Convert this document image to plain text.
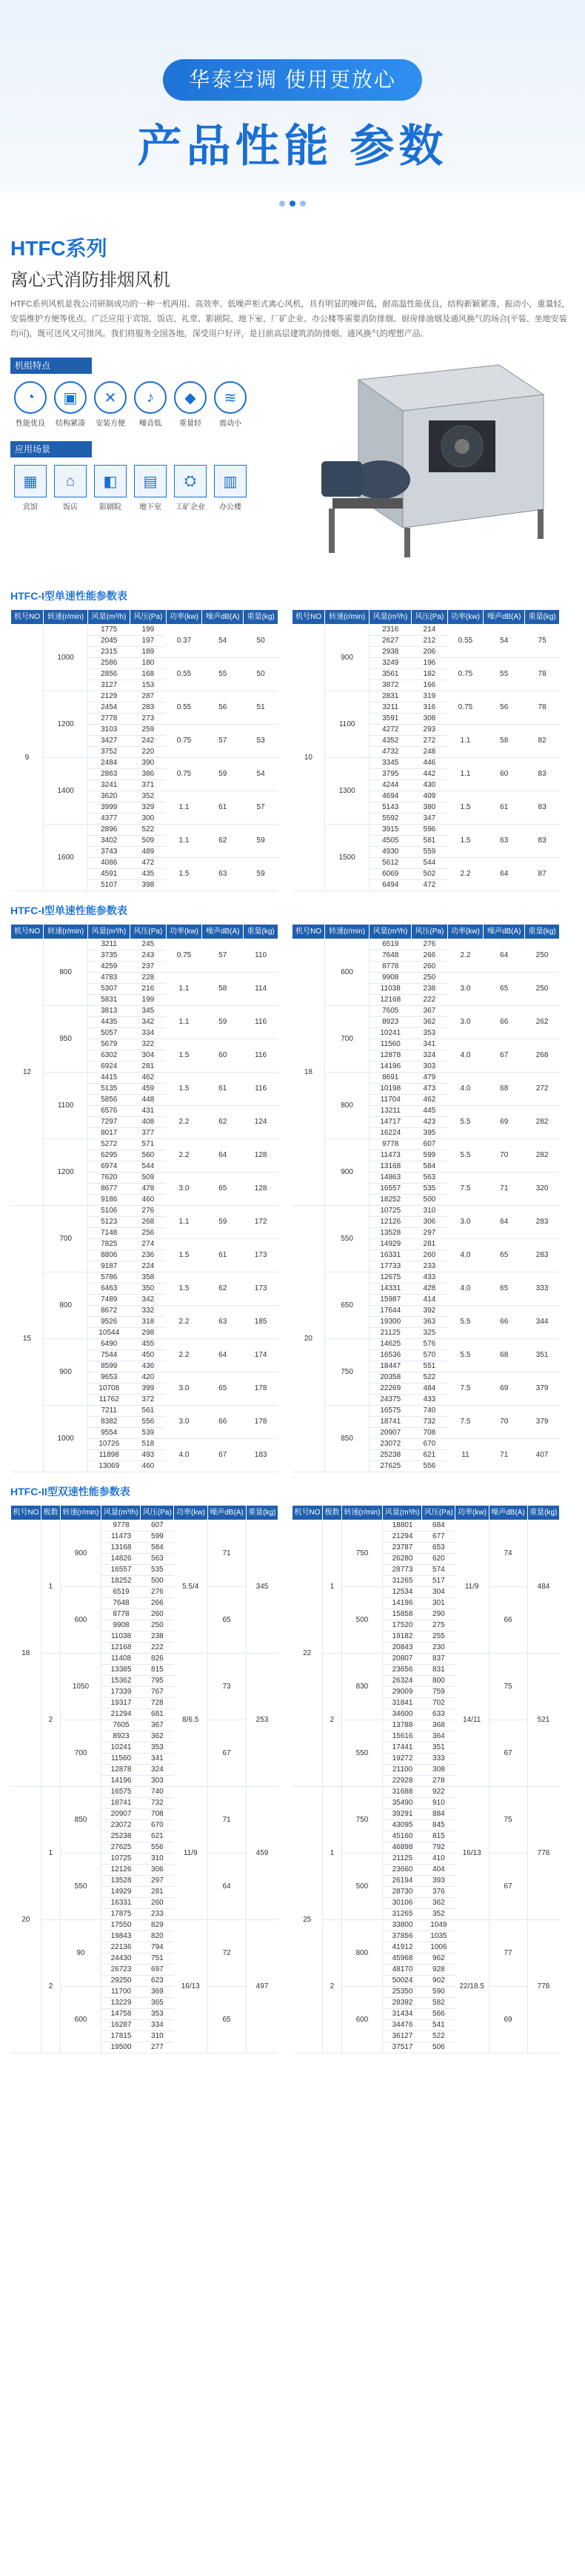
华泰空调 使用更放心
产品性能 参数
HTFC系列
离心式消防排烟风机
HTFC系列风机是我公司研制成功的一种一机两用、高效率、低噪声柜式离心风机，具有明显的噪声低，耐高温性能优良，结构新颖紧凑，振动小，重量轻，安装维护方便等优点。广泛应用于宾馆、饭店、礼堂、影剧院、地下室、厂矿企业、办公楼等需要消防排烟、厨房排油烟及通风换气的场合(平装、坐地安装均可)，既可送风又可排风。我们将服务全国各地，深受用户好评，是目前高层建筑消防排烟、通风换气的理想产品。
机组特点
◔
性能优良
▣
结构紧凑
✕
安装方便
♪
噪音低
◆
重量轻
≋
震动小
应用场景
▦
宾馆
⌂
饭店
◧
影剧院
▤
地下室
⛭
工矿企业
▥
办公楼
HTFC-I型单速性能参数表
机号NO	转速(r/min)	风量(m³/h)	风压(Pa)	功率(kw)	噪声dB(A)	重量(kg)
9	1000	1775	199	0.37	54	50
		2045	197			
		2315	189			
		2586	180	0.55	55	50
		2856	168			
		3127	153			
	1200	2129	287	0.55	56	51
		2454	283			
		2778	273			
		3103	259	0.75	57	53
		3427	242			
		3752	220			
	1400	2484	390	0.75	59	54
		2863	386			
		3241	371			
		3620	352	1.1	61	57
		3999	329			
		4377	300			
	1600	2896	522	1.1	62	59
		3402	509			
		3743	489			
		4086	472	1.5	63	59
		4591	435			
		5107	398			
机号NO	转速(r/min)	风量(m³/h)	风压(Pa)	功率(kw)	噪声dB(A)	重量(kg)
10	900	2316	214	0.55	54	75
		2627	212			
		2938	206			
		3249	196	0.75	55	78
		3561	182			
		3872	166			
	1100	2831	319	0.75	56	78
		3211	316			
		3591	308			
		4272	293	1.1	58	82
		4352	272			
		4732	248			
	1300	3345	446	1.1	60	83
		3795	442			
		4244	430			
		4694	409	1.5	61	83
		5143	380			
		5592	347			
	1500	3915	596	1.5	63	83
		4505	581			
		4930	559			
		5612	544	2.2	64	87
		6069	502			
		6494	472			
HTFC-I型单速性能参数表
机号NO	转速(r/min)	风量(m³/h)	风压(Pa)	功率(kw)	噪声dB(A)	重量(kg)
12	800	3211	245	0.75	57	110
		3735	243			
		4259	237			
		4783	228	1.1	58	114
		5307	216			
		5831	199			
	950	3813	345	1.1	59	116
		4435	342			
		5057	334			
		5679	322	1.5	60	116
		6302	304			
		6924	281			
	1100	4415	462	1.5	61	116
		5135	459			
		5856	448			
		6576	431	2.2	62	124
		7297	408			
		8017	377			
	1200	5272	571	2.2	64	128
		6295	560			
		6974	544			
		7620	509	3.0	65	128
		8677	478			
		9186	460			
15	700	5106	276	1.1	59	172
		5123	268			
		7148	256			
		7825	274	1.5	61	173
		8806	236			
		9187	224			
	800	5786	358	1.5	62	173
		6463	350			
		7489	342			
		8672	332	2.2	63	185
		9526	318			
		10544	298			
	900	6490	455	2.2	64	174
		7544	450			
		8599	436			
		9653	420	3.0	65	178
		10708	399			
		11762	372			
	1000	7211	561	3.0	66	178
		8382	556			
		9554	539			
		10726	518	4.0	67	183
		11898	493			
		13069	460			
机号NO	转速(r/min)	风量(m³/h)	风压(Pa)	功率(kw)	噪声dB(A)	重量(kg)
18	600	6519	276	2.2	64	250
		7648	266			
		8778	260			
		9908	250	3.0	65	250
		11038	238			
		12168	222			
	700	7605	367	3.0	66	262
		8923	362			
		10241	353			
		11560	341	4.0	67	268
		12878	324			
		14196	303			
	800	8691	479	4.0	68	272
		10198	473			
		11704	462			
		13211	445	5.5	69	282
		14717	423			
		16224	395			
	900	9778	607	5.5	70	282
		11473	599			
		13168	584			
		14863	563	7.5	71	320
		16557	535			
		18252	500			
20	550	10725	310	3.0	64	283
		12126	306			
		13528	297			
		14929	281	4.0	65	283
		16331	260			
		17733	233			
	650	12675	433	4.0	65	333
		14331	428			
		15987	414			
		17644	392	5.5	66	344
		19300	363			
		21125	325			
	750	14625	576	5.5	68	351
		16536	570			
		18447	551			
		20358	522	7.5	69	379
		22269	484			
		24375	433			
	850	16575	740	7.5	70	379
		18741	732			
		20907	708			
		23072	670	11	71	407
		25238	621			
		27625	556			
HTFC-II型双速性能参数表
机号NO	极数	转速(r/min)	风量(m³/h)	风压(Pa)	功率(kw)	噪声dB(A)	重量(kg)
18	1	900	9778	607	5.5/4	71	345
			11473	599			
			13168	584			
			14826	563			
			16557	535			
			18252	500			
		600	6519	276		65	
			7648	266			
			8778	260			
			9908	250			
			11038	238			
			12168	222			
	2	1050	11408	826	8/6.5	73	253
			13385	815			
			15362	795			
			17339	767			
			19317	728			
			21294	681			
		700	7605	367		67	
			8923	362			
			10241	353			
			11560	341			
			12878	324			
			14196	303			
20	1	850	16575	740	11/9	71	459
			18741	732			
			20907	708			
			23072	670			
			25238	621			
			27625	556			
		550	10725	310		64	
			12126	306			
			13528	297			
			14929	281			
			16331	260			
			17875	233			
	2	90	17550	829	16/13	72	497
			19843	820			
			22136	794			
			24430	751			
			26723	697			
			29250	623			
		600	11700	369		65	
			13229	365			
			14758	353			
			16287	334			
			17815	310			
			19500	277			
机号NO	极数	转速(r/min)	风量(m³/h)	风压(Pa)	功率(kw)	噪声dB(A)	重量(kg)
22	1	750	18801	684	11/9	74	484
			21294	677			
			23787	653			
			26280	620			
			28773	574			
			31265	517			
		500	12534	304		66	
			14196	301			
			15858	290			
			17520	275			
			19182	255			
			20843	230			
	2	830	20807	837	14/11	75	521
			23656	831			
			26324	800			
			29009	759			
			31841	702			
			34600	633			
		550	13788	368		67	
			15616	364			
			17441	351			
			19272	333			
			21100	308			
			22928	278			
25	1	750	31688	922	16/13	75	778
			35490	910			
			39291	884			
			43095	845			
			45160	815			
			46898	792			
		500	21125	410		67	
			23660	404			
			26194	393			
			28730	376			
			30106	362			
			31265	352			
	2	800	33800	1049	22/18.5	77	778
			37856	1035			
			41912	1006			
			45968	962			
			48170	928			
			50024	902			
		600	25350	590		69	
			28392	582			
			31434	566			
			34476	541			
			36127	522			
			37517	506			
